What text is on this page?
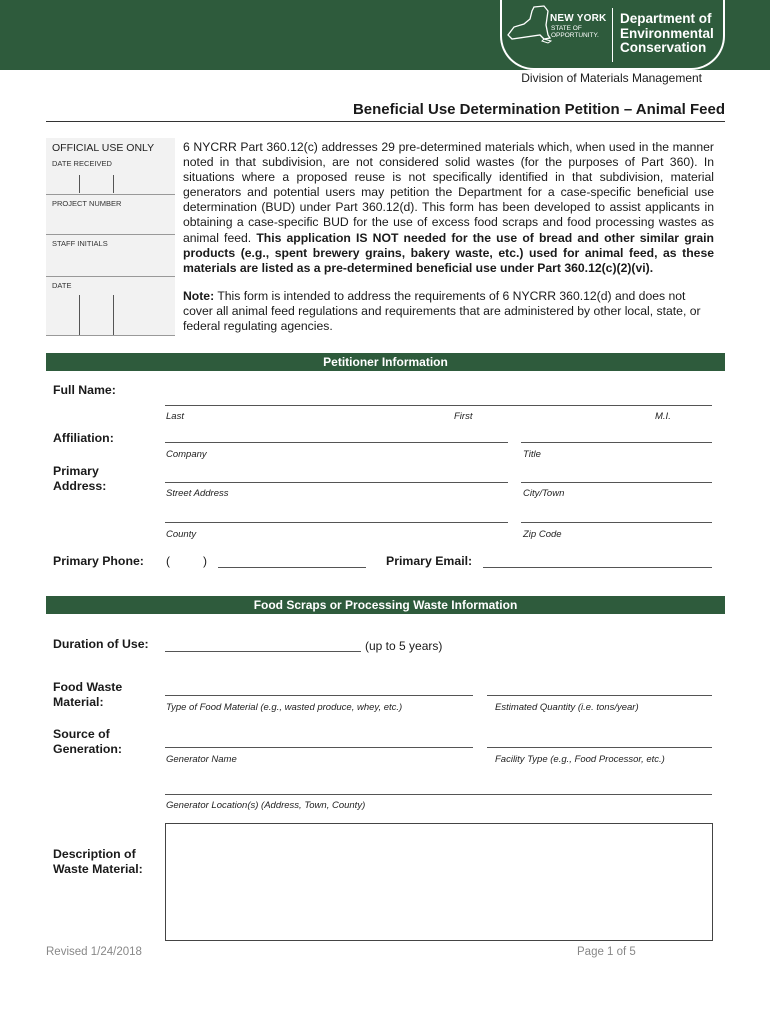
NEW YORK
STATE OF
OPPORTUNITY.
Department of
Environmental
Conservation
Division of Materials Management
Beneficial Use Determination Petition – Animal Feed
OFFICIAL USE ONLY
DATE RECEIVED
PROJECT NUMBER
STAFF INITIALS
DATE
6 NYCRR Part 360.12(c) addresses 29 pre-determined materials which, when used in the manner noted in that subdivision, are not considered solid wastes (for the purposes of Part 360). In situations where a proposed reuse is not specifically identified in that subdivision, material generators and potential users may petition the Department for a case-specific beneficial use determination (BUD) under Part 360.12(d). This form has been developed to assist applicants in obtaining a case-specific BUD for the use of excess food scraps and food processing wastes as animal feed. This application IS NOT needed for the use of bread and other similar grain products (e.g., spent brewery grains, bakery waste, etc.) used for animal feed, as these materials are listed as a pre-determined beneficial use under Part 360.12(c)(2)(vi).
Note: This form is intended to address the requirements of 6 NYCRR 360.12(d) and does not cover all animal feed regulations and requirements that are administered by other local, state, or federal regulating agencies.
Petitioner Information
Full Name:
Last	First	M.I.
Affiliation:
Company	Title
Primary
Address:
Street Address	City/Town
County	Zip Code
Primary Phone: (	)	Primary Email:
Food Scraps or Processing Waste Information
Duration of Use:	(up to 5 years)
Food Waste
Material:	Type of Food Material (e.g., wasted produce, whey, etc.)	Estimated Quantity (i.e. tons/year)
Source of
Generation:
Generator Name	Facility Type (e.g., Food Processor, etc.)
Generator Location(s) (Address, Town, County)
Description of
Waste Material:
Revised 1/24/2018	Page 1 of 5
